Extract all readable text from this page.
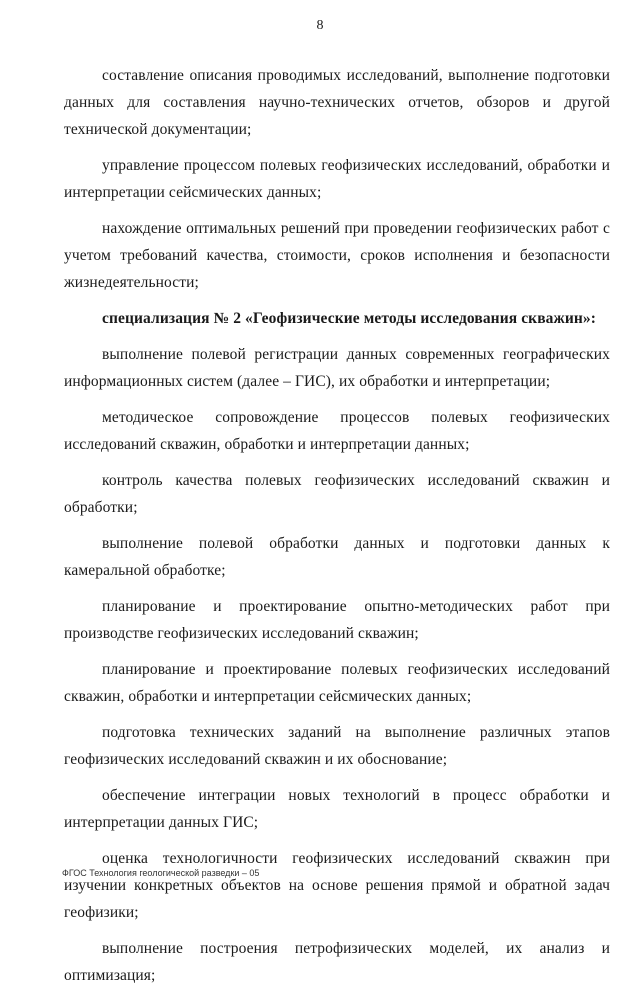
8

составление описания проводимых исследований, выполнение подготовки данных для составления научно-технических отчетов, обзоров и другой технической документации;

управление процессом полевых геофизических исследований, обработки и интерпретации сейсмических данных;

нахождение оптимальных решений при проведении геофизических работ с учетом требований качества, стоимости, сроков исполнения и безопасности жизнедеятельности;

специализация № 2 «Геофизические методы исследования скважин»:

выполнение полевой регистрации данных современных географических информационных систем (далее – ГИС), их обработки и интерпретации;

методическое сопровождение процессов полевых геофизических исследований скважин, обработки и интерпретации данных;

контроль качества полевых геофизических исследований скважин и обработки;

выполнение полевой обработки данных и подготовки данных к камеральной обработке;

планирование и проектирование опытно-методических работ при производстве геофизических исследований скважин;

планирование и проектирование полевых геофизических исследований скважин, обработки и интерпретации сейсмических данных;

подготовка технических заданий на выполнение различных этапов геофизических исследований скважин и их обоснование;

обеспечение интеграции новых технологий в процесс обработки и интерпретации данных ГИС;

оценка технологичности геофизических исследований скважин при изучении конкретных объектов на основе решения прямой и обратной задач геофизики;

выполнение построения петрофизических моделей, их анализ и оптимизация;

ФГОС Технология геологической разведки – 05
